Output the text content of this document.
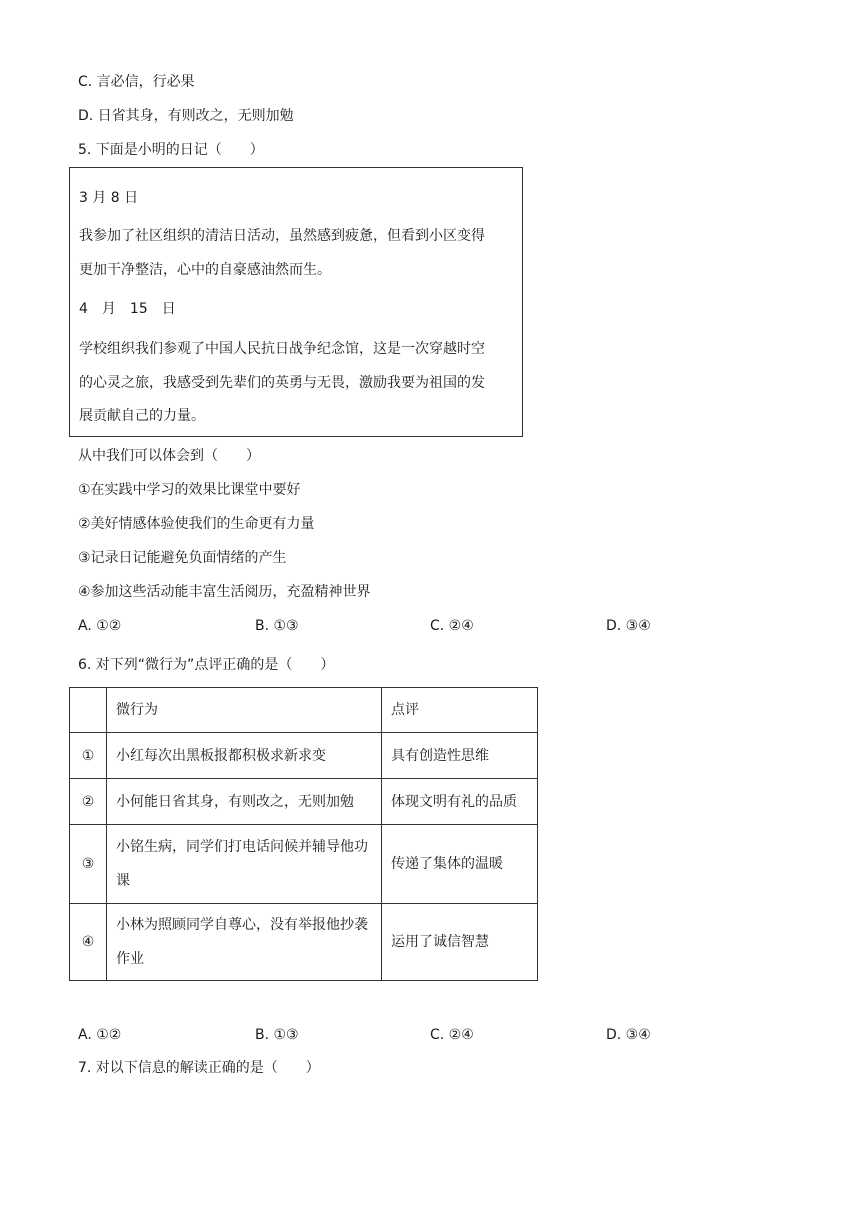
C. 言必信，行必果
D. 日省其身，有则改之，无则加勉
5. 下面是小明的日记（　　）
3 月 8 日
我参加了社区组织的清洁日活动，虽然感到疲惫，但看到小区变得
更加干净整洁，心中的自豪感油然而生。
4　月　15　日
学校组织我们参观了中国人民抗日战争纪念馆，这是一次穿越时空
的心灵之旅，我感受到先辈们的英勇与无畏，激励我要为祖国的发
展贡献自己的力量。
从中我们可以体会到（　　）
①在实践中学习的效果比课堂中要好
②美好情感体验使我们的生命更有力量
③记录日记能避免负面情绪的产生
④参加这些活动能丰富生活阅历，充盈精神世界
A. ①②	B. ①③	C. ②④	D. ③④
6. 对下列“微行为”点评正确的是（　　）
	微行为	点评
①	小红每次出黑板报都积极求新求变	具有创造性思维
②	小何能日省其身，有则改之，无则加勉	体现文明有礼的品质
③	小铭生病，同学们打电话问候并辅导他功课	传递了集体的温暖
④	小林为照顾同学自尊心，没有举报他抄袭作业	运用了诚信智慧
A. ①②	B. ①③	C. ②④	D. ③④
7. 对以下信息的解读正确的是（　　）
